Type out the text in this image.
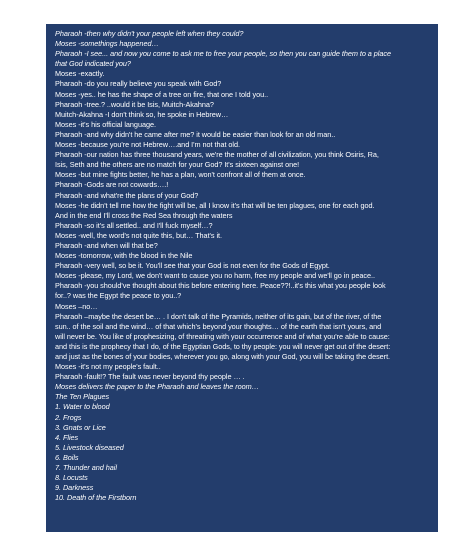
Pharaoh -then why didn't your people left when they could?
Moses -somethings happened…
Pharaoh -I see... and now you come to ask me to free your people, so then you can guide them to a place
that God indicated you?
Moses -exactly.
Pharaoh -do you really believe you speak with God?
Moses -yes.. he has the shape of a tree on fire, that one I told you..
Pharaoh -tree.? ..would it be Isis, Muitch-Akahna?
Muitch-Akahna -I don't think so, he spoke in Hebrew…
Moses -it's his official language.
Pharaoh -and why didn't he came after me? it would be easier than look for an old man..
Moses -because you're not Hebrew….and I'm not that old.
Pharaoh -our nation has three thousand years, we're the mother of all civilization, you think Osiris, Ra,
Isis, Seth and the others are no match for your God? It's sixteen against one!
Moses -but mine fights better, he has a plan, won't confront all of them at once.
Pharaoh -Gods are not cowards….!
Pharaoh -and what're the plans of your God?
Moses -he didn't tell me how the fight will be, all I know it's that will be ten plagues, one for each god.
And in the end I'll cross the Red Sea through the waters
Pharaoh -so it's all settled.. and I'll fuck myself…?
Moses -well, the word's not quite this, but… That's it.
Pharaoh -and when will that be?
Moses -tomorrow, with the blood in the Nile
Pharaoh -very well, so be it. You'll see that your God is not even for the Gods of Egypt.
Moses -please, my Lord, we don't want to cause you no harm, free my people and we'll go in peace..
Pharaoh -you should've thought about this before entering here. Peace??!..it's this what you people look
for..? was the Egypt the peace to you..?
Moses –no…
Pharaoh –maybe the desert be… . I don't talk of the Pyramids, neither of its gain, but of the river, of the
sun.. of the soil and the wind… of that which's beyond your thoughts… of the earth that isn't yours, and
will never be. You like of prophesizing, of threating with your occurrence and of what you're able to cause:
and this is the prophecy that I do, of the Egyptian Gods, to thy people: you will never get out of the desert:
and just as the bones of your bodies, wherever you go, along with your God, you will be taking the desert.
Moses -it's not my people's fault..
Pharaoh -fault!? The fault was never beyond thy people … .
Moses delivers the paper to the Pharaoh and leaves the room…
The Ten Plagues
1. Water to blood
2. Frogs
3. Gnats or Lice
4. Flies
5. Livestock diseased
6. Boils
7. Thunder and hail
8. Locusts
9. Darkness
10. Death of the Firstborn
